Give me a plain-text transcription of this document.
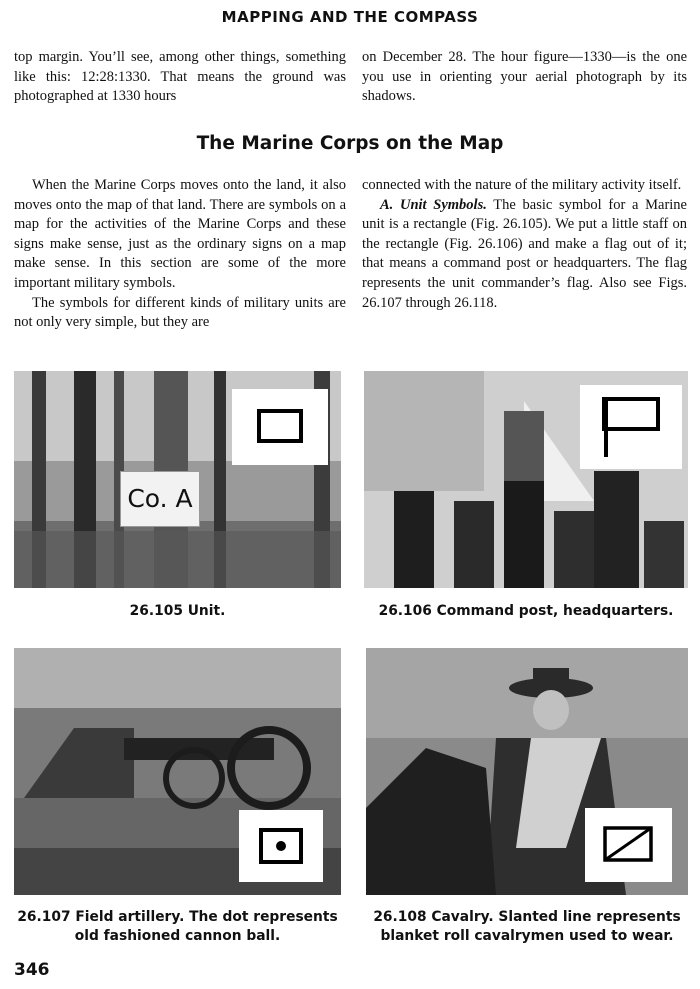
MAPPING AND THE COMPASS

top margin. You’ll see, among other things, something like this: 12:28:1330. That means the ground was photographed at 1330 hours

on December 28. The hour figure—1330—is the one you use in orienting your aerial photograph by its shadows.

The Marine Corps on the Map

When the Marine Corps moves onto the land, it also moves onto the map of that land. There are symbols on a map for the activities of the Marine Corps and these signs make sense, just as the ordinary signs on a map make sense. In this section are some of the more important military symbols.

The symbols for different kinds of military units are not only very simple, but they are

connected with the nature of the military activity itself.

A. Unit Symbols. The basic symbol for a Marine unit is a rectangle (Fig. 26.105). We put a little staff on the rectangle (Fig. 26.106) and make a flag out of it; that means a command post or headquarters. The flag represents the unit commander’s flag. Also see Figs. 26.107 through 26.118.

Co. A
26.105 Unit.	26.106 Command post, headquarters.
26.107 Field artillery. The dot represents
old fashioned cannon ball.
26.108 Cavalry. Slanted line represents
blanket roll cavalrymen used to wear.
346
